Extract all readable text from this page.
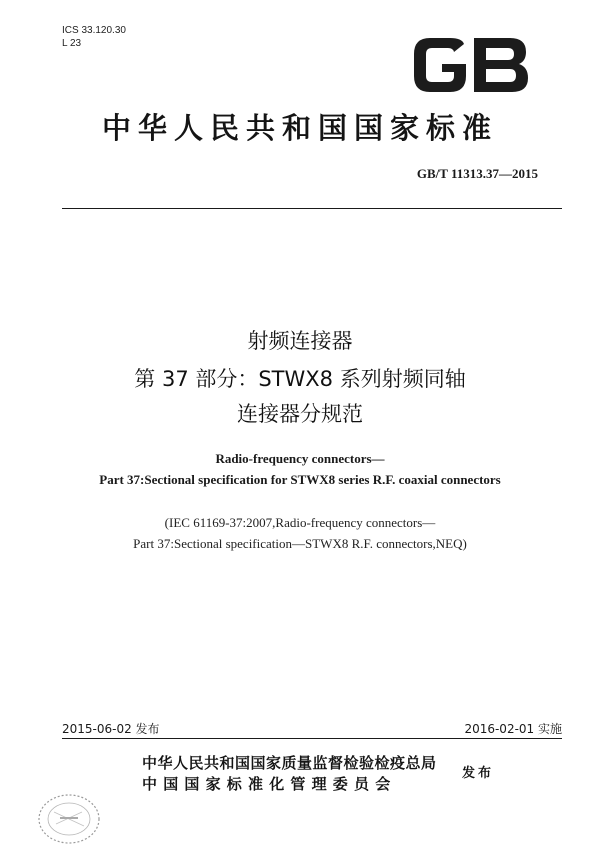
ICS 33.120.30
L 23
GB
中华人民共和国国家标准
GB/T 11313.37—2015
射频连接器
第 37 部分：STWX8 系列射频同轴
连接器分规范
Radio-frequency connectors—
Part 37:Sectional specification for STWX8 series R.F. coaxial connectors
(IEC 61169-37:2007,Radio-frequency connectors—
Part 37:Sectional specification—STWX8 R.F. connectors,NEQ)
2015-06-02 发布	2016-02-01 实施
中华人民共和国国家质量监督检验检疫总局
中国国家标准化管理委员会
发布
